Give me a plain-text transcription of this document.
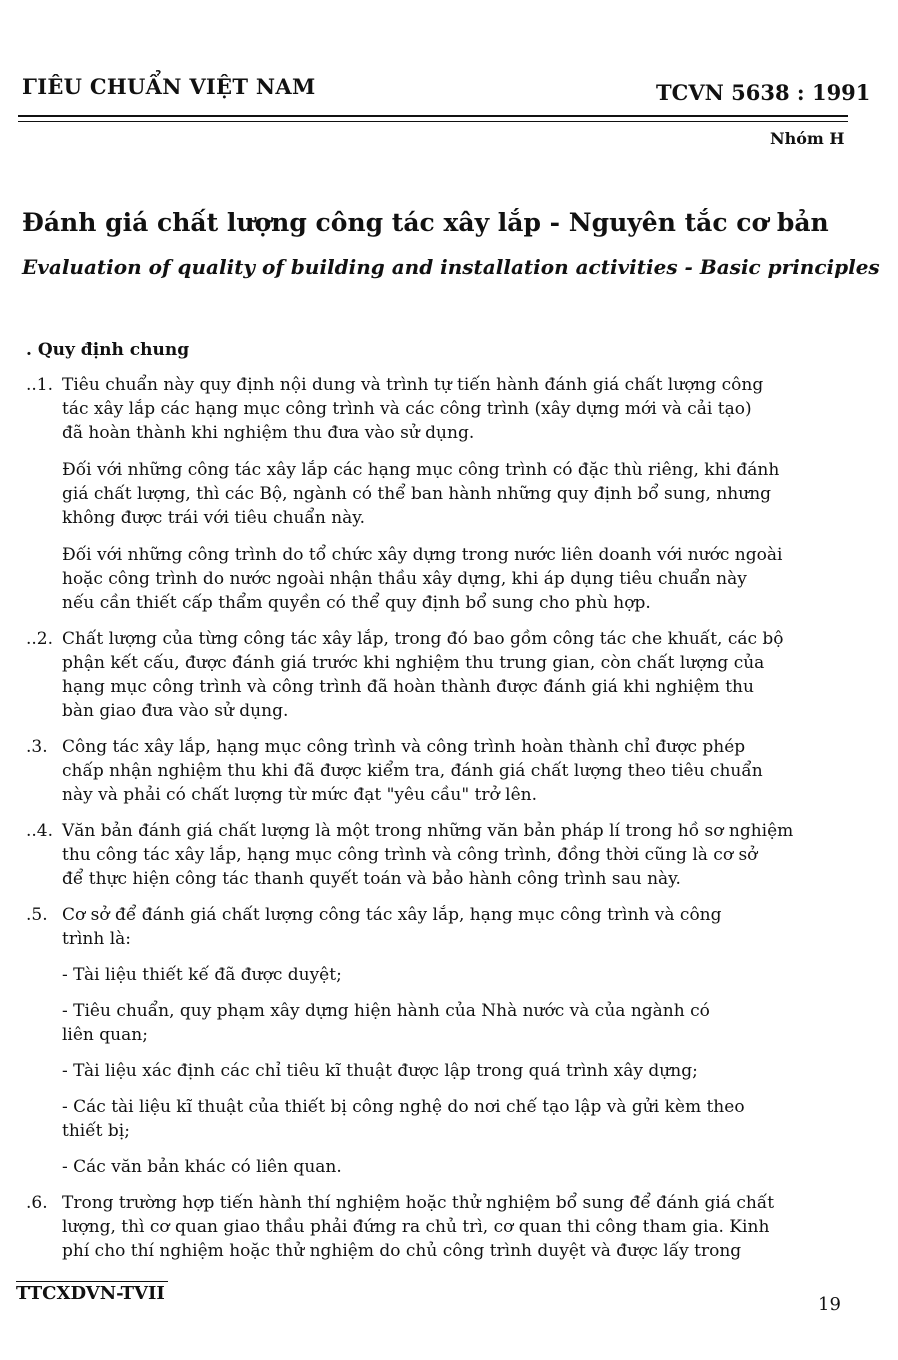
ΓIÊU CHUẨN VIỆT NAM	TCVN 5638 : 1991
Nhóm H
Đánh giá chất lượng công tác xây lắp - Nguyên tắc cơ bản
Evaluation of quality of building and installation activities - Basic principles
. Quy định chung
..1. Tiêu chuẩn này quy định nội dung và trình tự tiến hành đánh giá chất lượng công
tác xây lắp các hạng mục công trình và các công trình (xây dựng mới và cải tạo)
đã hoàn thành khi nghiệm thu đưa vào sử dụng.
Đối với những công tác xây lắp các hạng mục công trình có đặc thù riêng, khi đánh
giá chất lượng, thì các Bộ, ngành có thể ban hành những quy định bổ sung, nhưng
không được trái với tiêu chuẩn này.
Đối với những công trình do tổ chức xây dựng trong nước liên doanh với nước ngoài
hoặc công trình do nước ngoài nhận thầu xây dựng, khi áp dụng tiêu chuẩn này
nếu cần thiết cấp thẩm quyền có thể quy định bổ sung cho phù hợp.
..2. Chất lượng của từng công tác xây lắp, trong đó bao gồm công tác che khuất, các bộ
phận kết cấu, được đánh giá trước khi nghiệm thu trung gian, còn chất lượng của
hạng mục công trình và công trình đã hoàn thành được đánh giá khi nghiệm thu
bàn giao đưa vào sử dụng.
.3. Công tác xây lắp, hạng mục công trình và công trình hoàn thành chỉ được phép
chấp nhận nghiệm thu khi đã được kiểm tra, đánh giá chất lượng theo tiêu chuẩn
này và phải có chất lượng từ mức đạt "yêu cầu" trở lên.
..4. Văn bản đánh giá chất lượng là một trong những văn bản pháp lí trong hồ sơ nghiệm
thu công tác xây lắp, hạng mục công trình và công trình, đồng thời cũng là cơ sở
để thực hiện công tác thanh quyết toán và bảo hành công trình sau này.
.5. Cơ sở để đánh giá chất lượng công tác xây lắp, hạng mục công trình và công
trình là:
- Tài liệu thiết kế đã được duyệt;
- Tiêu chuẩn, quy phạm xây dựng hiện hành của Nhà nước và của ngành có
liên quan;
- Tài liệu xác định các chỉ tiêu kĩ thuật được lập trong quá trình xây dựng;
- Các tài liệu kĩ thuật của thiết bị công nghệ do nơi chế tạo lập và gửi kèm theo
thiết bị;
- Các văn bản khác có liên quan.
.6. Trong trường hợp tiến hành thí nghiệm hoặc thử nghiệm bổ sung để đánh giá chất
lượng, thì cơ quan giao thầu phải đứng ra chủ trì, cơ quan thi công tham gia. Kinh
phí cho thí nghiệm hoặc thử nghiệm do chủ công trình duyệt và được lấy trong
TTCXDVN-TVII
19
